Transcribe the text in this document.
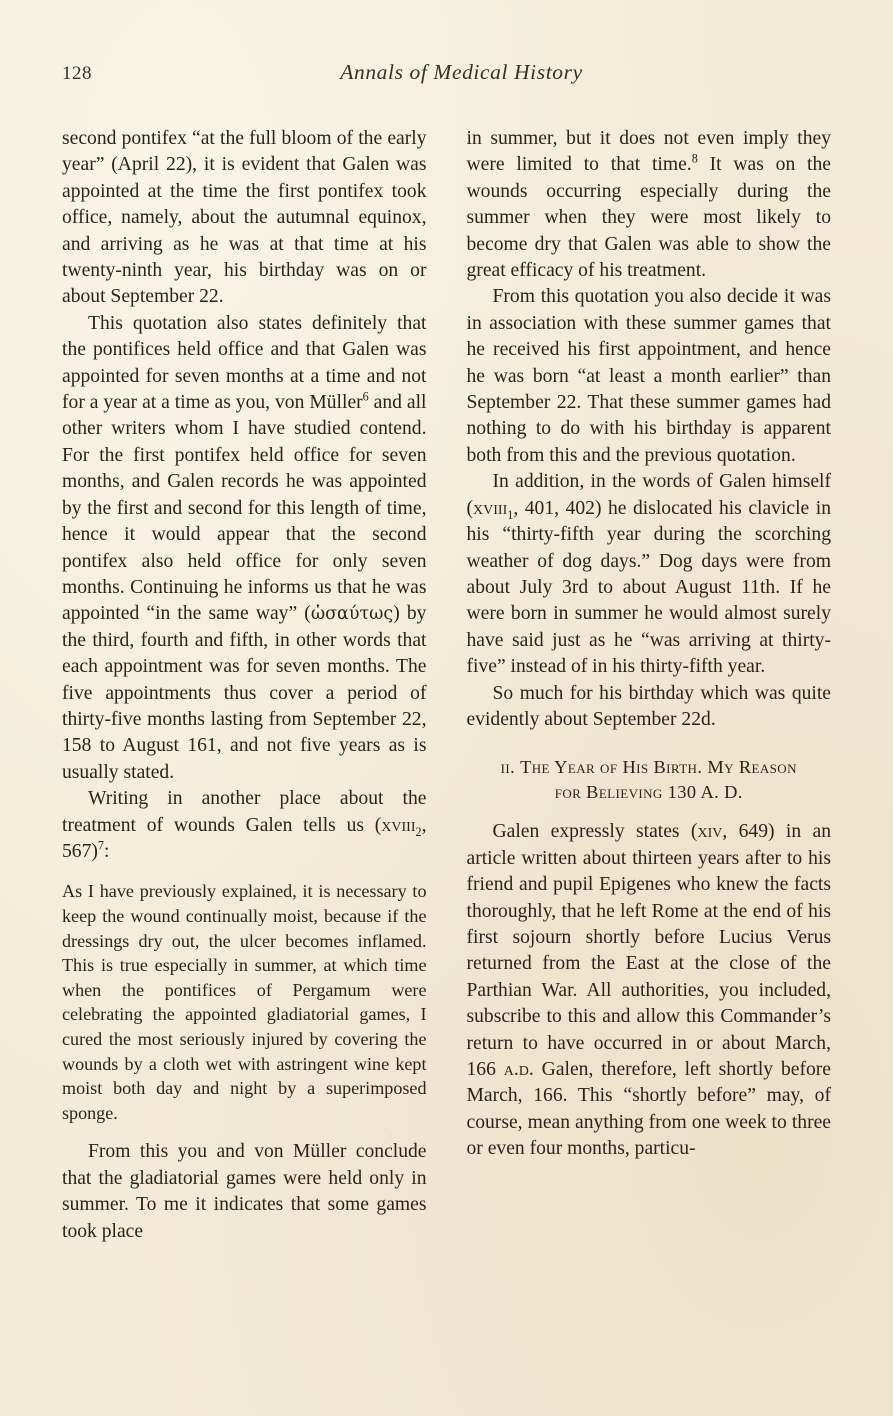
128	Annals of Medical History

second pontifex “at the full bloom of the early year” (April 22), it is evident that Galen was appointed at the time the first pontifex took office, namely, about the autumnal equinox, and arriving as he was at that time at his twenty-ninth year, his birthday was on or about September 22.

This quotation also states definitely that the pontifices held office and that Galen was appointed for seven months at a time and not for a year at a time as you, von Müller$^6$ and all other writers whom I have studied contend. For the first pontifex held office for seven months, and Galen records he was appointed by the first and second for this length of time, hence it would appear that the second pontifex also held office for only seven months. Continuing he informs us that he was appointed “in the same way” (ὡσαύτως) by the third, fourth and fifth, in other words that each appointment was for seven months. The five appointments thus cover a period of thirty-five months lasting from September 22, 158 to August 161, and not five years as is usually stated.

Writing in another place about the treatment of wounds Galen tells us (xviii$_2$, 567)$^7$:

As I have previously explained, it is necessary to keep the wound continually moist, because if the dressings dry out, the ulcer becomes inflamed. This is true especially in summer, at which time when the pontifices of Pergamum were celebrating the appointed gladiatorial games, I cured the most seriously injured by covering the wounds by a cloth wet with astringent wine kept moist both day and night by a superimposed sponge.

From this you and von Müller conclude that the gladiatorial games were held only in summer. To me it indicates that some games took place

in summer, but it does not even imply they were limited to that time.$^8$ It was on the wounds occurring especially during the summer when they were most likely to become dry that Galen was able to show the great efficacy of his treatment.

From this quotation you also decide it was in association with these summer games that he received his first appointment, and hence he was born “at least a month earlier” than September 22. That these summer games had nothing to do with his birthday is apparent both from this and the previous quotation.

In addition, in the words of Galen himself (xviii$_1$, 401, 402) he dislocated his clavicle in his “thirty-fifth year during the scorching weather of dog days.” Dog days were from about July 3rd to about August 11th. If he were born in summer he would almost surely have said just as he “was arriving at thirty-five” instead of in his thirty-fifth year.

So much for his birthday which was quite evidently about September 22d.

ii. The Year of His Birth. My Reason
for Believing 130 A. D.

Galen expressly states (xiv, 649) in an article written about thirteen years after to his friend and pupil Epigenes who knew the facts thoroughly, that he left Rome at the end of his first sojourn shortly before Lucius Verus returned from the East at the close of the Parthian War. All authorities, you included, subscribe to this and allow this Commander’s return to have occurred in or about March, 166 a.d. Galen, therefore, left shortly before March, 166. This “shortly before” may, of course, mean anything from one week to three or even four months, particu-
